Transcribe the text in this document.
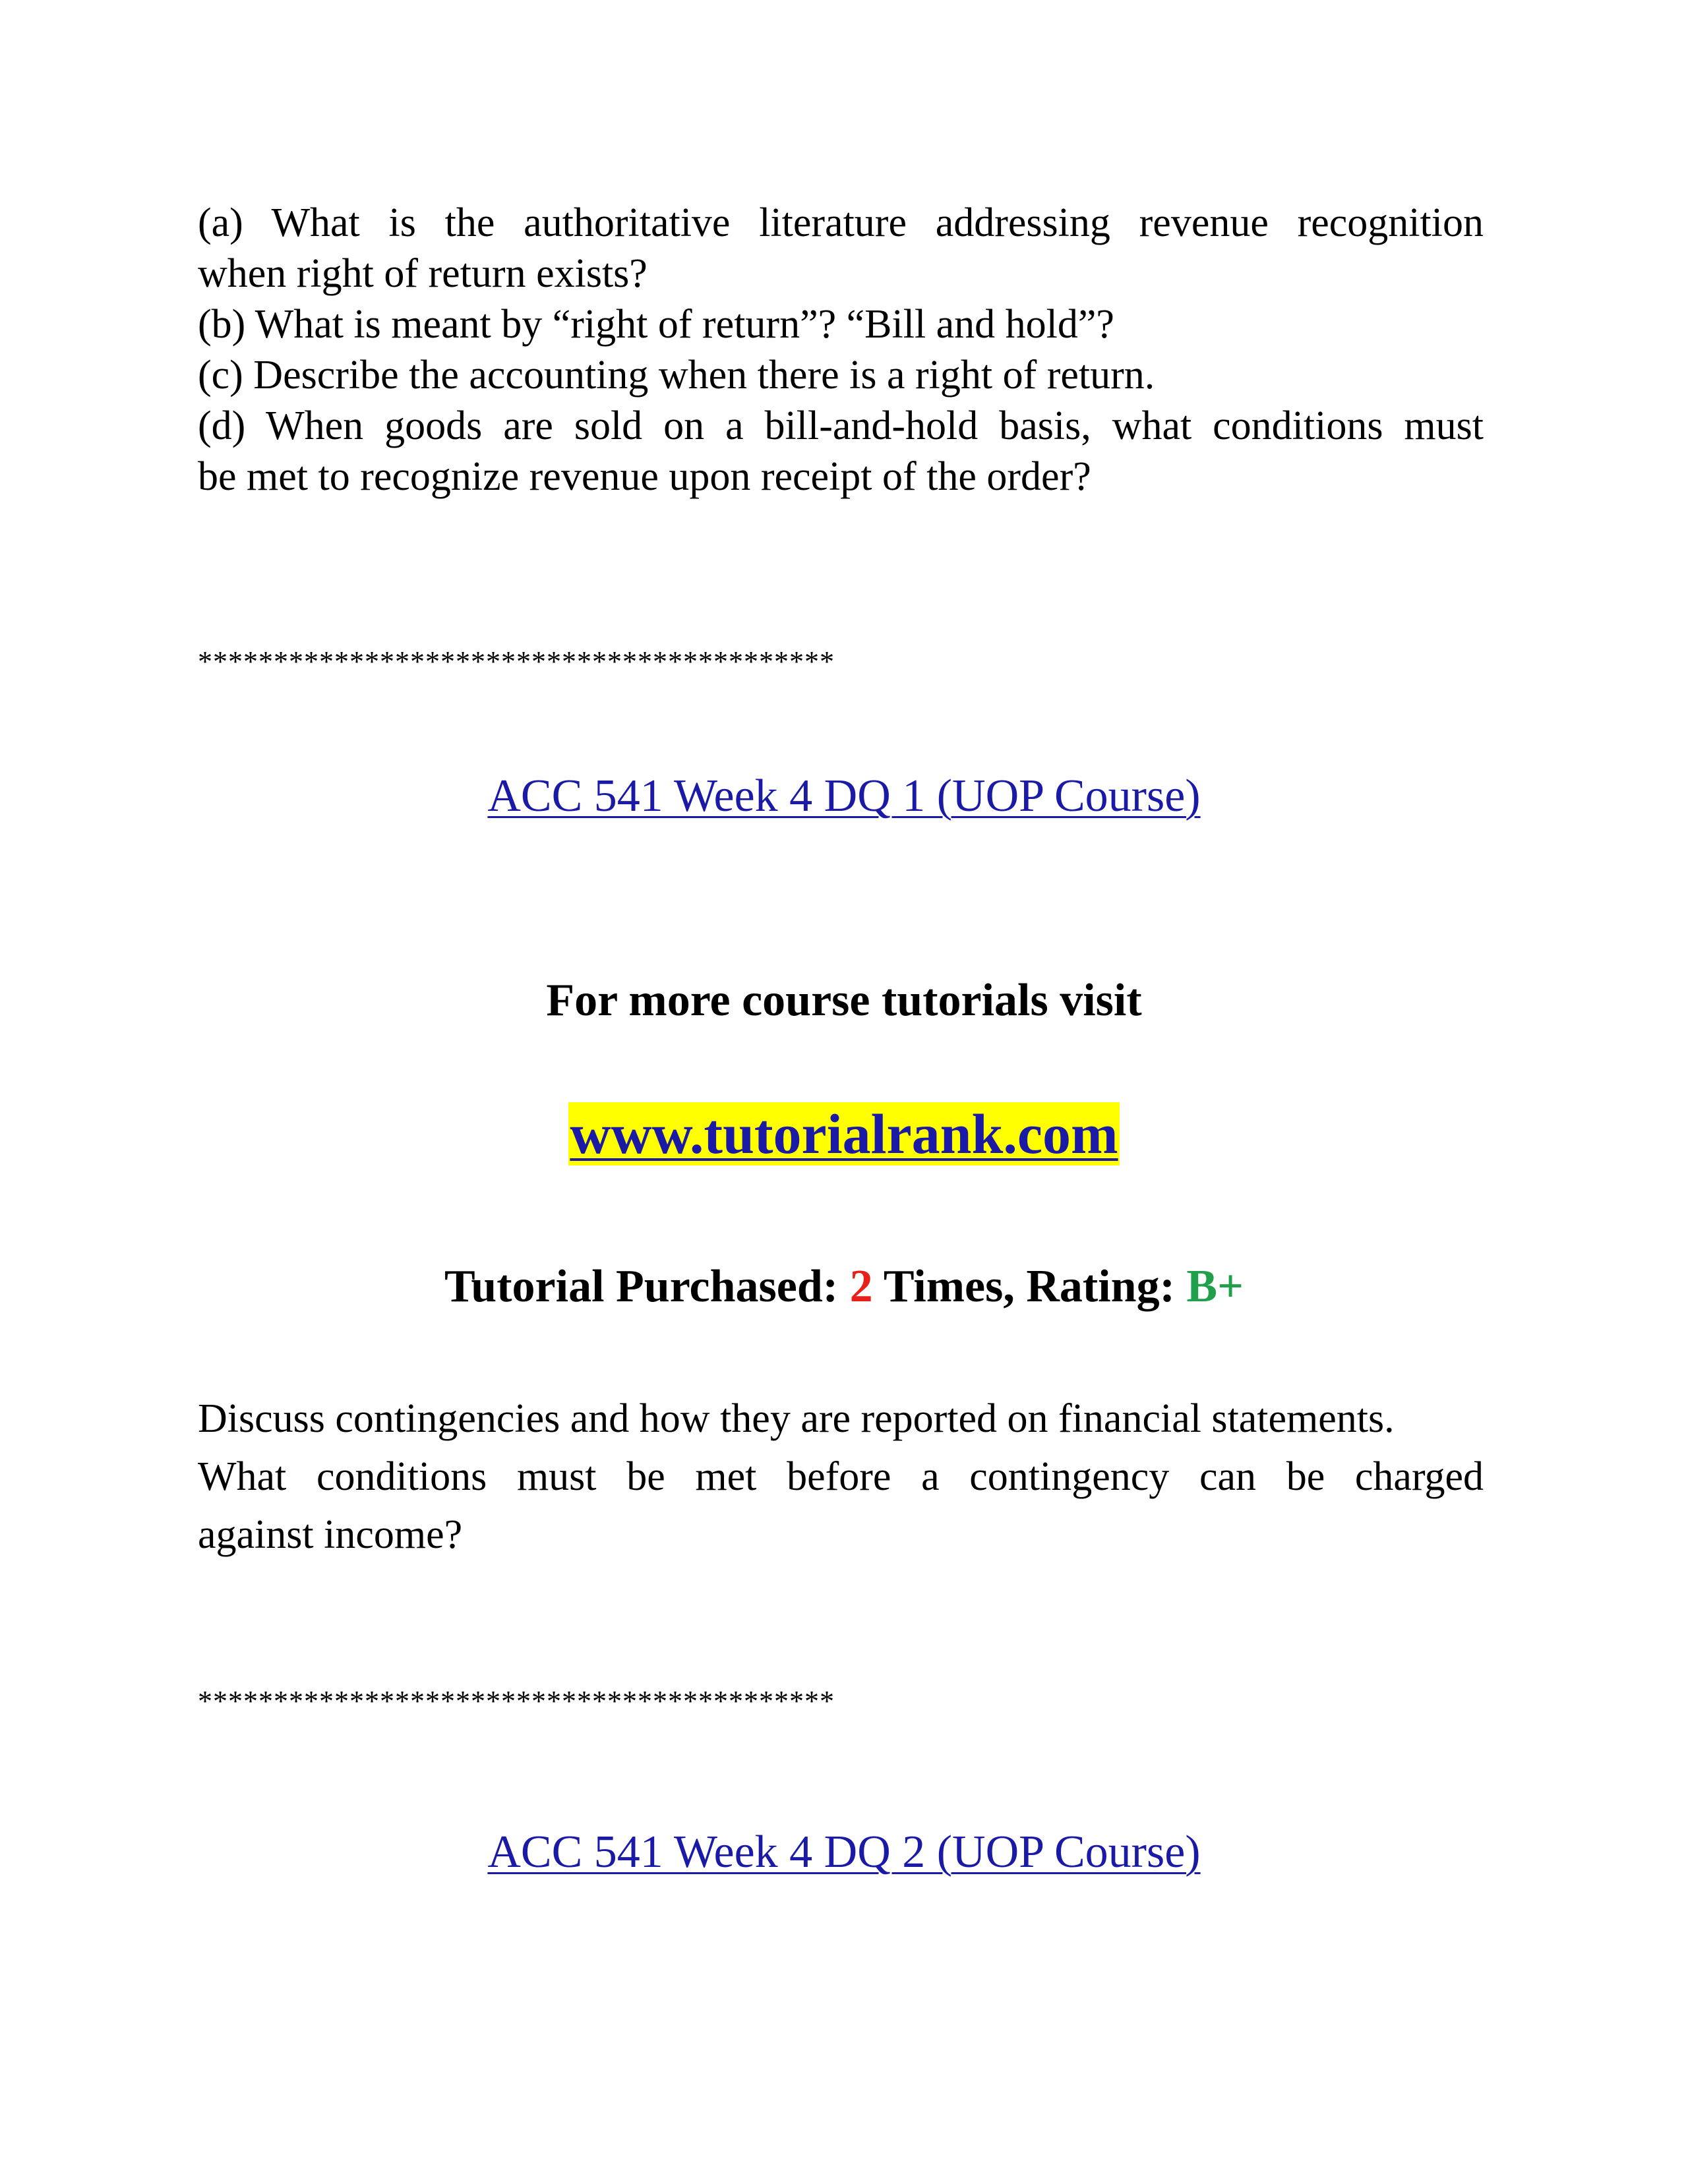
(a) What is the authoritative literature addressing revenue recognition
when right of return exists?
(b) What is meant by “right of return”? “Bill and hold”?
(c) Describe the accounting when there is a right of return.
(d) When goods are sold on a bill-and-hold basis, what conditions must
be met to recognize revenue upon receipt of the order?
******************************************
ACC 541 Week 4 DQ 1 (UOP Course)
For more course tutorials visit
www.tutorialrank.com
Tutorial Purchased: 2 Times, Rating: B+
Discuss contingencies and how they are reported on financial statements.
What conditions must be met before a contingency can be charged
against income?
******************************************
ACC 541 Week 4 DQ 2 (UOP Course)
